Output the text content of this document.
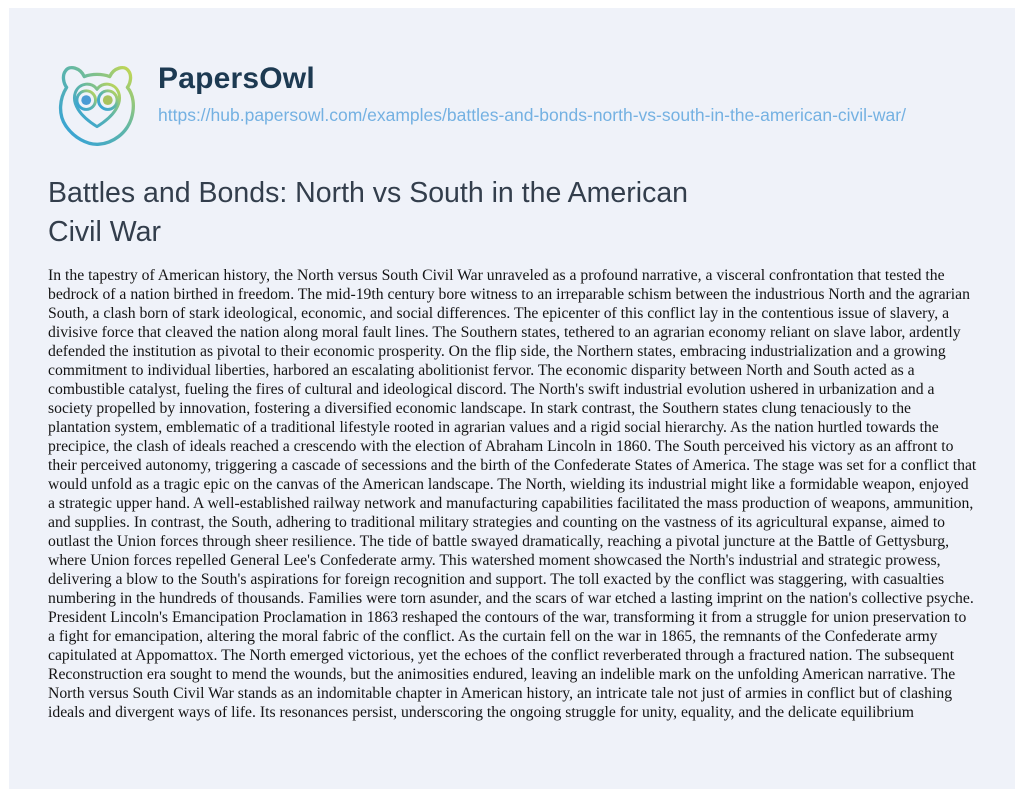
PapersOwl
https://hub.papersowl.com/examples/battles-and-bonds-north-vs-south-in-the-american-civil-war/
Battles and Bonds: North vs South in the American Civil War
In the tapestry of American history, the North versus South Civil War unraveled as a profound narrative, a visceral confrontation that tested the bedrock of a nation birthed in freedom. The mid-19th century bore witness to an irreparable schism between the industrious North and the agrarian South, a clash born of stark ideological, economic, and social differences. The epicenter of this conflict lay in the contentious issue of slavery, a divisive force that cleaved the nation along moral fault lines. The Southern states, tethered to an agrarian economy reliant on slave labor, ardently defended the institution as pivotal to their economic prosperity. On the flip side, the Northern states, embracing industrialization and a growing commitment to individual liberties, harbored an escalating abolitionist fervor. The economic disparity between North and South acted as a combustible catalyst, fueling the fires of cultural and ideological discord. The North's swift industrial evolution ushered in urbanization and a society propelled by innovation, fostering a diversified economic landscape. In stark contrast, the Southern states clung tenaciously to the plantation system, emblematic of a traditional lifestyle rooted in agrarian values and a rigid social hierarchy. As the nation hurtled towards the precipice, the clash of ideals reached a crescendo with the election of Abraham Lincoln in 1860. The South perceived his victory as an affront to their perceived autonomy, triggering a cascade of secessions and the birth of the Confederate States of America. The stage was set for a conflict that would unfold as a tragic epic on the canvas of the American landscape. The North, wielding its industrial might like a formidable weapon, enjoyed a strategic upper hand. A well-established railway network and manufacturing capabilities facilitated the mass production of weapons, ammunition, and supplies. In contrast, the South, adhering to traditional military strategies and counting on the vastness of its agricultural expanse, aimed to outlast the Union forces through sheer resilience. The tide of battle swayed dramatically, reaching a pivotal juncture at the Battle of Gettysburg, where Union forces repelled General Lee's Confederate army. This watershed moment showcased the North's industrial and strategic prowess, delivering a blow to the South's aspirations for foreign recognition and support. The toll exacted by the conflict was staggering, with casualties numbering in the hundreds of thousands. Families were torn asunder, and the scars of war etched a lasting imprint on the nation's collective psyche. President Lincoln's Emancipation Proclamation in 1863 reshaped the contours of the war, transforming it from a struggle for union preservation to a fight for emancipation, altering the moral fabric of the conflict. As the curtain fell on the war in 1865, the remnants of the Confederate army capitulated at Appomattox. The North emerged victorious, yet the echoes of the conflict reverberated through a fractured nation. The subsequent Reconstruction era sought to mend the wounds, but the animosities endured, leaving an indelible mark on the unfolding American narrative. The North versus South Civil War stands as an indomitable chapter in American history, an intricate tale not just of armies in conflict but of clashing ideals and divergent ways of life. Its resonances persist, underscoring the ongoing struggle for unity, equality, and the delicate equilibrium
